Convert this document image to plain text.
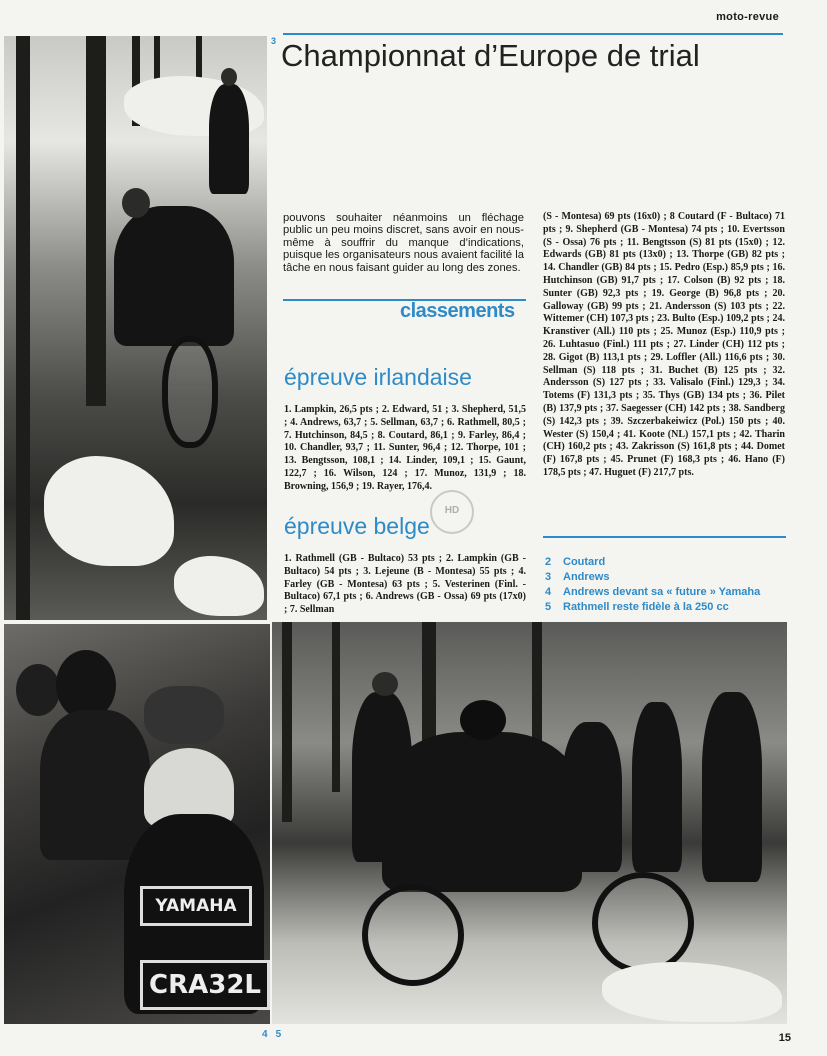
moto-revue
YAMAHA
CRA32L
HD
3 Championnat d’Europe de trial
pouvons souhaiter néanmoins un fléchage public un peu moins discret, sans avoir en nous-même à souffrir du manque d’indications, puisque les organisateurs nous avaient facilité la tâche en nous faisant guider au long des zones.
classements
épreuve irlandaise
1. Lampkin, 26,5 pts ; 2. Edward, 51 ; 3. Shepherd, 51,5 ; 4. Andrews, 63,7 ; 5. Sellman, 63,7 ; 6. Rathmell, 80,5 ; 7. Hutchinson, 84,5 ; 8. Coutard, 86,1 ; 9. Farley, 86,4 ; 10. Chandler, 93,7 ; 11. Sunter, 96,4 ; 12. Thorpe, 101 ; 13. Bengtsson, 108,1 ; 14. Linder, 109,1 ; 15. Gaunt, 122,7 ; 16. Wilson, 124 ; 17. Munoz, 131,9 ; 18. Browning, 156,9 ; 19. Rayer, 176,4.
épreuve belge
1. Rathmell (GB - Bultaco) 53 pts ; 2. Lampkin (GB - Bultaco) 54 pts ; 3. Lejeune (B - Montesa) 55 pts ; 4. Farley (GB - Montesa) 63 pts ; 5. Vesterinen (Finl. - Bultaco) 67,1 pts ; 6. Andrews (GB - Ossa) 69 pts (17x0) ; 7. Sellman
(S - Montesa) 69 pts (16x0) ; 8 Coutard (F - Bultaco) 71 pts ; 9. Shepherd (GB - Montesa) 74 pts ; 10. Evertsson (S - Ossa) 76 pts ; 11. Bengtsson (S) 81 pts (15x0) ; 12. Edwards (GB) 81 pts (13x0) ; 13. Thorpe (GB) 82 pts ; 14. Chandler (GB) 84 pts ; 15. Pedro (Esp.) 85,9 pts ; 16. Hutchinson (GB) 91,7 pts ; 17. Colson (B) 92 pts ; 18. Sunter (GB) 92,3 pts ; 19. George (B) 96,8 pts ; 20. Galloway (GB) 99 pts ; 21. Andersson (S) 103 pts ; 22. Wittemer (CH) 107,3 pts ; 23. Bulto (Esp.) 109,2 pts ; 24. Kranstiver (All.) 110 pts ; 25. Munoz (Esp.) 110,9 pts ; 26. Luhtasuo (Finl.) 111 pts ; 27. Linder (CH) 112 pts ; 28. Gigot (B) 113,1 pts ; 29. Loffler (All.) 116,6 pts ; 30. Sellman (S) 118 pts ; 31. Buchet (B) 125 pts ; 32. Andersson (S) 127 pts ; 33. Valisalo (Finl.) 129,3 ; 34. Totems (F) 131,3 pts ; 35. Thys (GB) 134 pts ; 36. Pilet (B) 137,9 pts ; 37. Saegesser (CH) 142 pts ; 38. Sandberg (S) 142,3 pts ; 39. Szczerbakeiwicz (Pol.) 150 pts ; 40. Wester (S) 150,4 ; 41. Koote (NL) 157,1 pts ; 42. Tharin (CH) 160,2 pts ; 43. Zakrisson (S) 161,8 pts ; 44. Domet (F) 167,8 pts ; 45. Prunet (F) 168,3 pts ; 46. Hano (F) 178,5 pts ; 47. Huguet (F) 217,7 pts.
2 Coutard
3 Andrews
4 Andrews devant sa « future » Yamaha
5 Rathmell reste fidèle à la 250 cc
4 5	15
